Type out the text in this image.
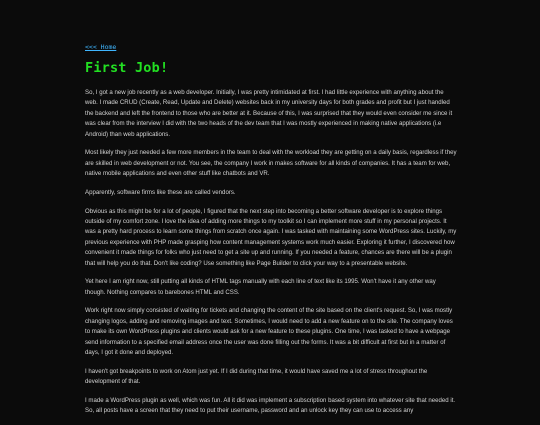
<<< Home
First Job!

So, I got a new job recently as a web developer. Initially, I was pretty intimidated at first. I had little experience with anything about the web. I made CRUD (Create, Read, Update and Delete) websites back in my university days for both grades and profit but I just handled the backend and left the frontend to those who are better at it. Because of this, I was surprised that they would even consider me since it was clear from the interview I did with the two heads of the dev team that I was mostly experienced in making native applications (i.e Android) than web applications.

Most likely they just needed a few more members in the team to deal with the workload they are getting on a daily basis, regardless if they are skilled in web development or not. You see, the company I work in makes software for all kinds of companies. It has a team for web, native mobile applications and even other stuff like chatbots and VR.

Apparently, software firms like these are called vendors.

Obvious as this might be for a lot of people, I figured that the next step into becoming a better software developer is to explore things outside of my comfort zone. I love the idea of adding more things to my toolkit so I can implement more stuff in my personal projects. It was a pretty hard process to learn some things from scratch once again. I was tasked with maintaining some WordPress sites. Luckily, my previous experience with PHP made grasping how content management systems work much easier. Exploring it further, I discovered how convenient it made things for folks who just need to get a site up and running. If you needed a feature, chances are there will be a plugin that will help you do that. Don't like coding? Use something like Page Builder to click your way to a presentable website.

Yet here I am right now, still putting all kinds of HTML tags manually with each line of text like its 1995. Won't have it any other way though. Nothing compares to barebones HTML and CSS.

Work right now simply consisted of waiting for tickets and changing the content of the site based on the client's request. So, I was mostly changing logos, adding and removing images and text. Sometimes, I would need to add a new feature on to the site. The company loves to make its own WordPress plugins and clients would ask for a new feature to these plugins. One time, I was tasked to have a webpage send information to a specified email address once the user was done filling out the forms. It was a bit difficult at first but in a matter of days, I got it done and deployed.

I haven't got breakpoints to work on Atom just yet. If I did during that time, it would have saved me a lot of stress throughout the development of that.

I made a WordPress plugin as well, which was fun. All it did was implement a subscription based system into whatever site that needed it. So, all posts have a screen that they need to put their username, password and an unlock key they can use to access any
